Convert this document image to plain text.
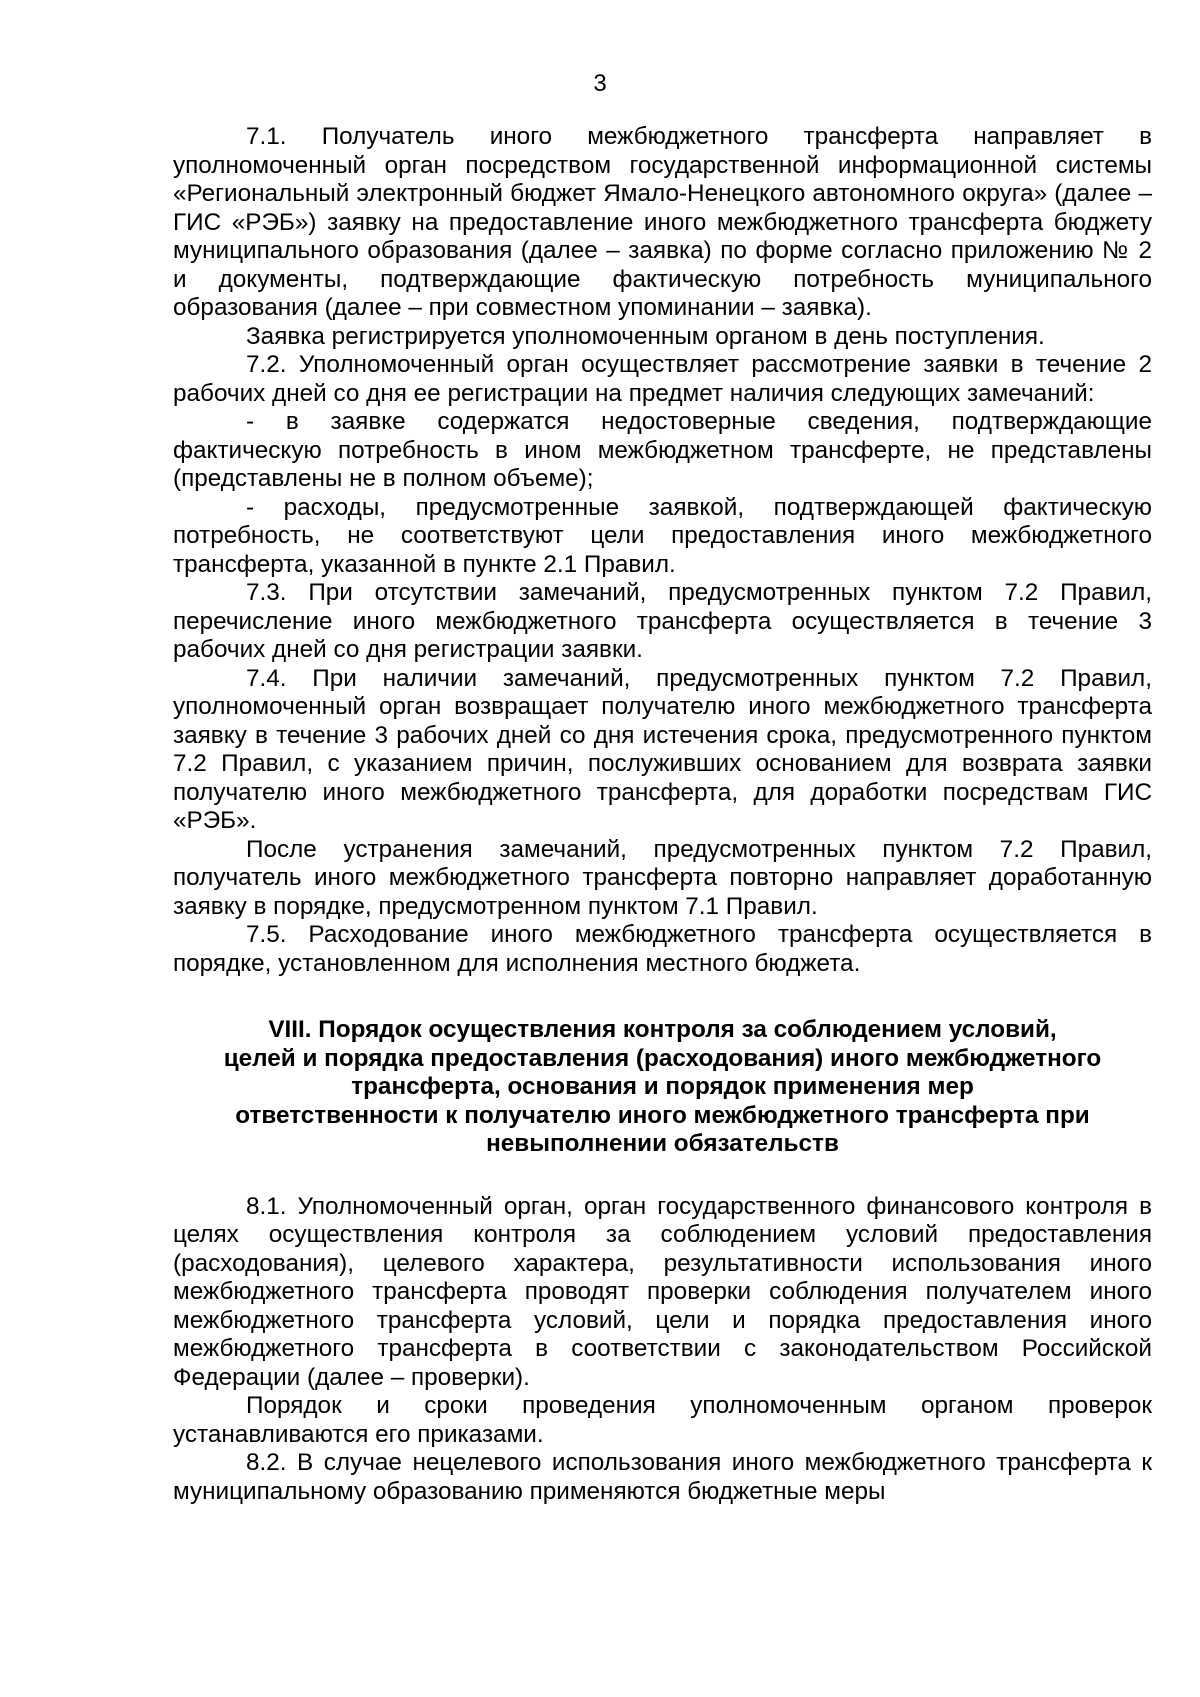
3

7.1. Получатель иного межбюджетного трансферта направляет в уполномоченный орган посредством государственной информационной системы «Региональный электронный бюджет Ямало-Ненецкого автономного округа» (далее – ГИС «РЭБ») заявку на предоставление иного межбюджетного трансферта бюджету муниципального образования (далее – заявка) по форме согласно приложению № 2 и документы, подтверждающие фактическую потребность муниципального образования (далее – при совместном упоминании – заявка).

Заявка регистрируется уполномоченным органом в день поступления.

7.2. Уполномоченный орган осуществляет рассмотрение заявки в течение 2 рабочих дней со дня ее регистрации на предмет наличия следующих замечаний:

- в заявке содержатся недостоверные сведения, подтверждающие фактическую потребность в ином межбюджетном трансферте, не представлены (представлены не в полном объеме);

- расходы, предусмотренные заявкой, подтверждающей фактическую потребность, не соответствуют цели предоставления иного межбюджетного трансферта, указанной в пункте 2.1 Правил.

7.3. При отсутствии замечаний, предусмотренных пунктом 7.2 Правил, перечисление иного межбюджетного трансферта осуществляется в течение 3 рабочих дней со дня регистрации заявки.

7.4. При наличии замечаний, предусмотренных пунктом 7.2 Правил, уполномоченный орган возвращает получателю иного межбюджетного трансферта заявку в течение 3 рабочих дней со дня истечения срока, предусмотренного пунктом 7.2 Правил, с указанием причин, послуживших основанием для возврата заявки получателю иного межбюджетного трансферта, для доработки посредствам ГИС «РЭБ».

После устранения замечаний, предусмотренных пунктом 7.2 Правил, получатель иного межбюджетного трансферта повторно направляет доработанную заявку в порядке, предусмотренном пунктом 7.1 Правил.

7.5. Расходование иного межбюджетного трансферта осуществляется в порядке, установленном для исполнения местного бюджета.

VIII. Порядок осуществления контроля за соблюдением условий,
целей и порядка предоставления (расходования) иного межбюджетного
трансферта, основания и порядок применения мер
ответственности к получателю иного межбюджетного трансферта при
невыполнении обязательств

8.1. Уполномоченный орган, орган государственного финансового контроля в целях осуществления контроля за соблюдением условий предоставления (расходования), целевого характера, результативности использования иного межбюджетного трансферта проводят проверки соблюдения получателем иного межбюджетного трансферта условий, цели и порядка предоставления иного межбюджетного трансферта в соответствии с законодательством Российской Федерации (далее – проверки).

Порядок и сроки проведения уполномоченным органом проверок устанавливаются его приказами.

8.2. В случае нецелевого использования иного межбюджетного трансферта к муниципальному образованию применяются бюджетные меры
